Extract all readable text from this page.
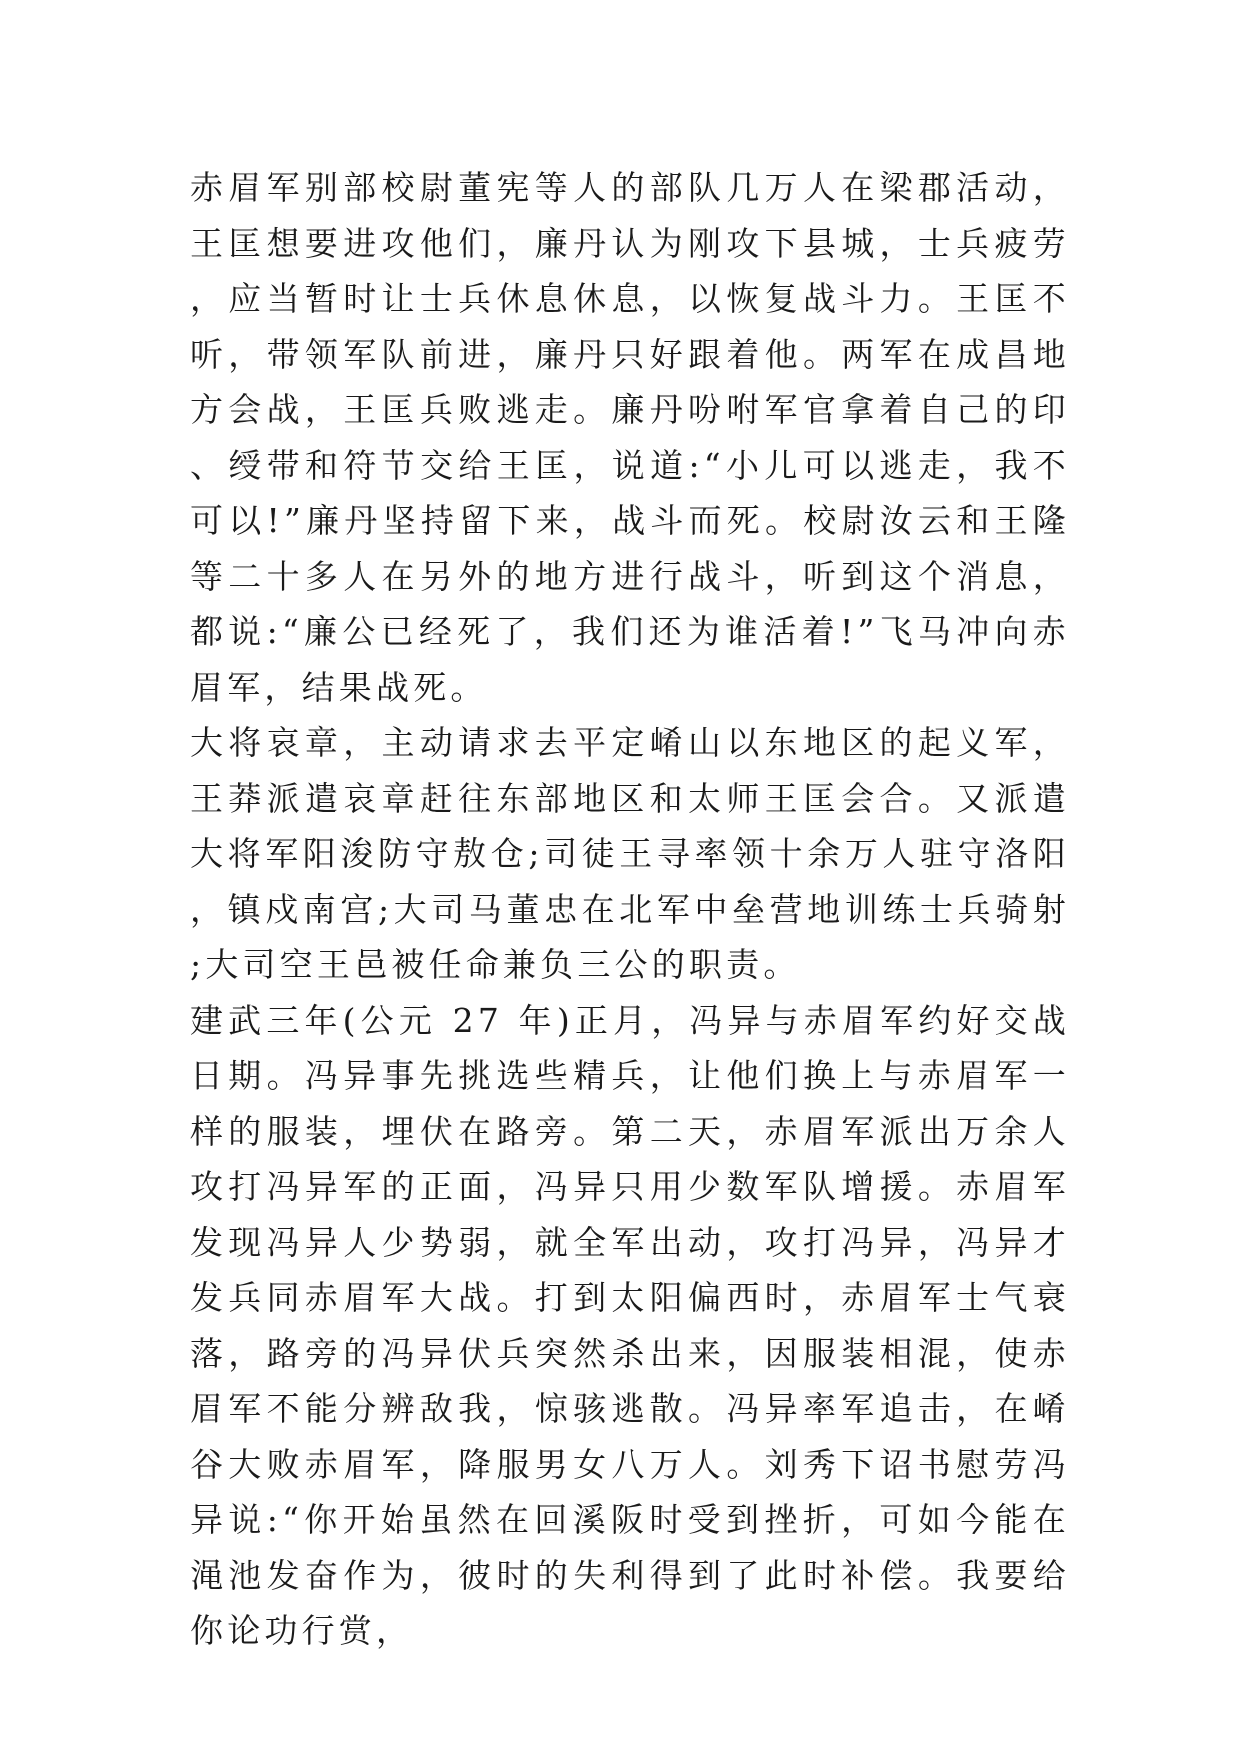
赤眉军别部校尉董宪等人的部队几万人在梁郡活动，王匡想要进攻他们，廉丹认为刚攻下县城，士兵疲劳，应当暂时让士兵休息休息，以恢复战斗力。王匡不听，带领军队前进，廉丹只好跟着他。两军在成昌地方会战，王匡兵败逃走。廉丹吩咐军官拿着自己的印、绶带和符节交给王匡，说道:“小儿可以逃走，我不可以!”廉丹坚持留下来，战斗而死。校尉汝云和王隆等二十多人在另外的地方进行战斗，听到这个消息，都说:“廉公已经死了，我们还为谁活着!”飞马冲向赤眉军，结果战死。

大将哀章，主动请求去平定崤山以东地区的起义军，王莽派遣哀章赶往东部地区和太师王匡会合。又派遣大将军阳浚防守敖仓;司徒王寻率领十余万人驻守洛阳，镇戍南宫;大司马董忠在北军中垒营地训练士兵骑射;大司空王邑被任命兼负三公的职责。

建武三年(公元 27 年)正月，冯异与赤眉军约好交战日期。冯异事先挑选些精兵，让他们换上与赤眉军一样的服装，埋伏在路旁。第二天，赤眉军派出万余人攻打冯异军的正面，冯异只用少数军队增援。赤眉军发现冯异人少势弱，就全军出动，攻打冯异，冯异才发兵同赤眉军大战。打到太阳偏西时，赤眉军士气衰落，路旁的冯异伏兵突然杀出来，因服装相混，使赤眉军不能分辨敌我，惊骇逃散。冯异率军追击，在崤谷大败赤眉军，降服男女八万人。刘秀下诏书慰劳冯异说:“你开始虽然在回溪阪时受到挫折，可如今能在渑池发奋作为，彼时的失利得到了此时补偿。我要给你论功行赏，
